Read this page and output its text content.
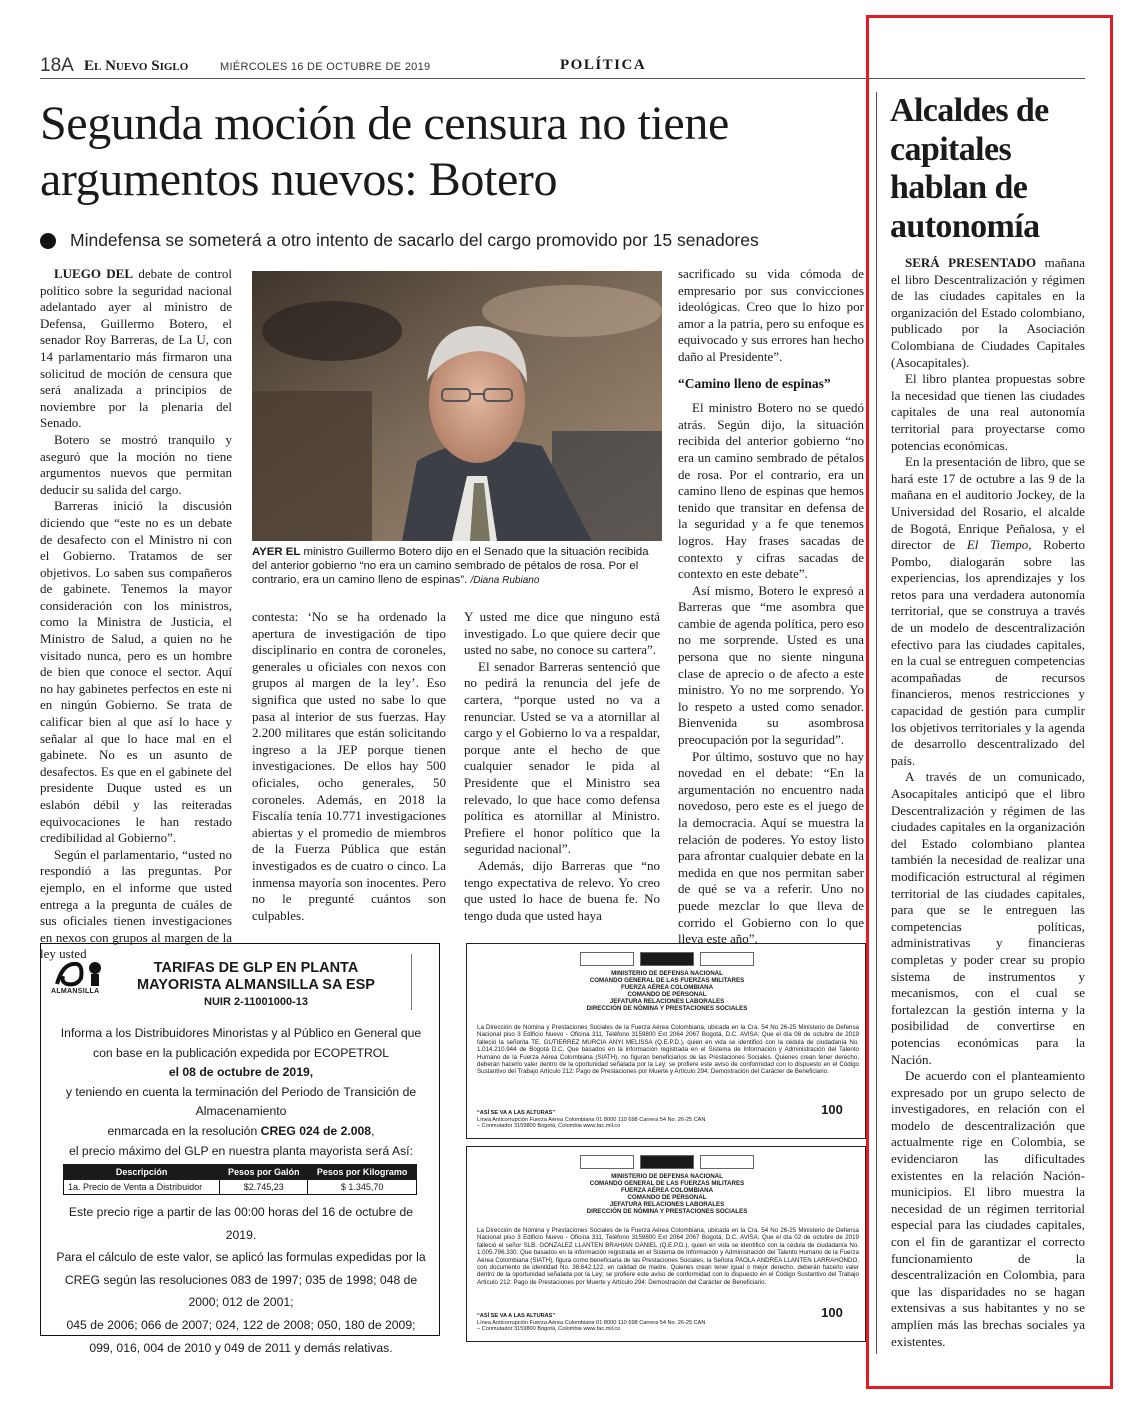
18A El Nuevo Siglo	MIÉRCOLES 16 DE OCTUBRE DE 2019	POLÍTICA
Segunda moción de censura no tiene argumentos nuevos: Botero
Mindefensa se someterá a otro intento de sacarlo del cargo promovido por 15 senadores

LUEGO DEL debate de control político sobre la seguridad nacional adelantado ayer al ministro de Defensa, Guillermo Botero, el senador Roy Barreras, de La U, con 14 parlamentario más firmaron una solicitud de moción de censura que será analizada a principios de noviembre por la plenaria del Senado.

Botero se mostró tranquilo y aseguró que la moción no tiene argumentos nuevos que permitan deducir su salida del cargo.

Barreras inició la discusión diciendo que “este no es un debate de desafecto con el Ministro ni con el Gobierno. Tratamos de ser objetivos. Lo saben sus compañeros de gabinete. Tenemos la mayor consideración con los ministros, como la Ministra de Justicia, el Ministro de Salud, a quien no he visitado nunca, pero es un hombre de bien que conoce el sector. Aquí no hay gabinetes perfectos en este ni en ningún Gobierno. Se trata de calificar bien al que así lo hace y señalar al que lo hace mal en el gabinete. No es un asunto de desafectos. Es que en el gabinete del presidente Duque usted es un eslabón débil y las reiteradas equivocaciones le han restado credibilidad al Gobierno”.

Según el parlamentario, “usted no respondió a las preguntas. Por ejemplo, en el informe que usted entrega a la pregunta de cuáles de sus oficiales tienen investigaciones en nexos con grupos al margen de la ley usted

AYER EL ministro Guillermo Botero dijo en el Senado que la situación recibida del anterior gobierno “no era un camino sembrado de pétalos de rosa. Por el contrario, era un camino lleno de espinas”. /Diana Rubiano

contesta: ‘No se ha ordenado la apertura de investigación de tipo disciplinario en contra de coroneles, generales u oficiales con nexos con grupos al margen de la ley’. Eso significa que usted no sabe lo que pasa al interior de sus fuerzas. Hay 2.200 militares que están solicitando ingreso a la JEP porque tienen investigaciones. De ellos hay 500 oficiales, ocho generales, 50 coroneles. Además, en 2018 la Fiscalía tenía 10.771 investigaciones abiertas y el promedio de miembros de la Fuerza Pública que están investigados es de cuatro o cinco. La inmensa mayoría son inocentes. Pero no le pregunté cuántos son culpables.

Y usted me dice que ninguno está investigado. Lo que quiere decir que usted no sabe, no conoce su cartera”.

El senador Barreras sentenció que no pedirá la renuncia del jefe de cartera, “porque usted no va a renunciar. Usted se va a atornillar al cargo y el Gobierno lo va a respaldar, porque ante el hecho de que cualquier senador le pida al Presidente que el Ministro sea relevado, lo que hace como defensa política es atornillar al Ministro. Prefiere el honor político que la seguridad nacional”.

Además, dijo Barreras que “no tengo expectativa de relevo. Yo creo que usted lo hace de buena fe. No tengo duda que usted haya

sacrificado su vida cómoda de empresario por sus convicciones ideológicas. Creo que lo hizo por amor a la patria, pero su enfoque es equivocado y sus errores han hecho daño al Presidente”.

“Camino lleno de espinas”

El ministro Botero no se quedó atrás. Según dijo, la situación recibida del anterior gobierno “no era un camino sembrado de pétalos de rosa. Por el contrario, era un camino lleno de espinas que hemos tenido que transitar en defensa de la seguridad y a fe que tenemos logros. Hay frases sacadas de contexto y cifras sacadas de contexto en este debate”.

Así mismo, Botero le expresó a Barreras que “me asombra que cambie de agenda política, pero eso no me sorprende. Usted es una persona que no siente ninguna clase de aprecio o de afecto a este ministro. Yo no me sorprendo. Yo lo respeto a usted como senador. Bienvenida su asombrosa preocupación por la seguridad”.

Por último, sostuvo que no hay novedad en el debate: “En la argumentación no encuentro nada novedoso, pero este es el juego de la democracia. Aquí se muestra la relación de poderes. Yo estoy listo para afrontar cualquier debate en la medida en que nos permitan saber de qué se va a referir. Uno no puede mezclar lo que lleva de corrido el Gobierno con lo que lleva este año”.

ALMANSILLA
TARIFAS DE GLP EN PLANTA MAYORISTA ALMANSILLA SA ESP
NUIR 2-11001000-13
Informa a los Distribuidores Minoristas y al Público en General que con base en la publicación expedida por ECOPETROL
el 08 de octubre de 2019,
y teniendo en cuenta la terminación del Periodo de Transición de Almacenamiento
enmarcada en la resolución CREG 024 de 2.008,
el precio máximo del GLP en nuestra planta mayorista será Así:
Descripción	Pesos por Galón	Pesos por Kilogramo
1a. Precio de Venta a Distribuidor	$2.745,23	$ 1.345,70
Este precio rige a partir de las 00:00 horas del 16 de octubre de 2019.
Para el cálculo de este valor, se aplicó las formulas expedidas por la CREG según las resoluciones 083 de 1997; 035 de 1998; 048 de 2000; 012 de 2001;
045 de 2006; 066 de 2007; 024, 122 de 2008; 050, 180 de 2009; 099, 016, 004 de 2010 y 049 de 2011 y demás relativas.
MINISTERIO DE DEFENSA NACIONAL
COMANDO GENERAL DE LAS FUERZAS MILITARES
FUERZA AÉREA COLOMBIANA
COMANDO DE PERSONAL
JEFATURA RELACIONES LABORALES
DIRECCIÓN DE NÓMINA Y PRESTACIONES SOCIALES
La Dirección de Nómina y Prestaciones Sociales de la Fuerza Aérea Colombiana, ubicada en la Cra. 54 No 26-25 Ministerio de Defensa Nacional piso 3 Edificio Nuevo - Oficina 311, Teléfono 3159800 Ext 2064 2067 Bogotá, D.C. AVISA: Que el día 08 de octubre de 2019 falleció la señorita TE. GUTIERREZ MURCIA ANYI MELISSA (Q.E.P.D.), quien en vida se identificó con la cédula de ciudadanía No. 1.014.210.944 de Bogotá D.C. Que basados en la información registrada en el Sistema de Información y Administración del Talento Humano de la Fuerza Aérea Colombiana (SIATH), no figuran beneficiarios de las Prestaciones Sociales. Quienes crean tener derecho, deberán hacerlo valer dentro de la oportunidad señalada por la Ley; se profiere este aviso de conformidad con lo dispuesto en el Código Sustantivo del Trabajo Artículo 212: Pago de Prestaciones por Muerte y Artículo 294: Demostración del Carácter de Beneficiario.
“ASÍ SE VA A LAS ALTURAS”
Línea Anticorrupción Fuerza Aérea Colombiana 01 8000 110 698 Carrera 54 No. 26-25 CAN – Conmutador 3159800 Bogotá, Colombia www.fac.mil.co
100
MINISTERIO DE DEFENSA NACIONAL
COMANDO GENERAL DE LAS FUERZAS MILITARES
FUERZA AÉREA COLOMBIANA
COMANDO DE PERSONAL
JEFATURA RELACIONES LABORALES
DIRECCIÓN DE NÓMINA Y PRESTACIONES SOCIALES
La Dirección de Nómina y Prestaciones Sociales de la Fuerza Aérea Colombiana, ubicada en la Cra. 54 No 26-25 Ministerio de Defensa Nacional piso 3 Edificio Nuevo - Oficina 311, Teléfono 3159800 Ext 2064 2067 Bogotá, D.C. AVISA: Que el día 02 de octubre de 2019 falleció el señor SLB. GONZALEZ LLANTEN BRAHIAN DANIEL (Q.E.P.D.), quien en vida se identificó con la cédula de ciudadanía No. 1.005.796.330. Que basados en la información registrada en el Sistema de Información y Administración del Talento Humano de la Fuerza Aérea Colombiana (SIATH), figura como beneficiaria de las Prestaciones Sociales, la Señora PAOLA ANDREA LLANTEN LARRAHONDO, con documento de identidad No. 38.642.122, en calidad de madre. Quienes crean tener igual o mejor derecho, deberán hacerlo valer dentro de la oportunidad señalada por la Ley; se profiere este aviso de conformidad con lo dispuesto en el Código Sustantivo del Trabajo Artículo 212: Pago de Prestaciones por Muerte y Artículo 294: Demostración del Carácter de Beneficiario.
“ASÍ SE VA A LAS ALTURAS”
Línea Anticorrupción Fuerza Aérea Colombiana 01 8000 110 698 Carrera 54 No. 26-25 CAN – Conmutador 3159800 Bogotá, Colombia www.fac.mil.co
100
Alcaldes de capitales hablan de autonomía

SERÁ PRESENTADO mañana el libro Descentralización y régimen de las ciudades capitales en la organización del Estado colombiano, publicado por la Asociación Colombiana de Ciudades Capitales (Asocapitales).

El libro plantea propuestas sobre la necesidad que tienen las ciudades capitales de una real autonomía territorial para proyectarse como potencias económicas.

En la presentación de libro, que se hará este 17 de octubre a las 9 de la mañana en el auditorio Jockey, de la Universidad del Rosario, el alcalde de Bogotá, Enrique Peñalosa, y el director de El Tiempo, Roberto Pombo, dialogarán sobre las experiencias, los aprendizajes y los retos para una verdadera autonomía territorial, que se construya a través de un modelo de descentralización efectivo para las ciudades capitales, en la cual se entreguen competencias acompañadas de recursos financieros, menos restricciones y capacidad de gestión para cumplir los objetivos territoriales y la agenda de desarrollo descentralizado del país.

A través de un comunicado, Asocapitales anticipó que el libro Descentralización y régimen de las ciudades capitales en la organización del Estado colombiano plantea también la necesidad de realizar una modificación estructural al régimen territorial de las ciudades capitales, para que se le entreguen las competencias políticas, administrativas y financieras completas y poder crear su propio sistema de instrumentos y mecanismos, con el cual se fortalezcan la gestión interna y la posibilidad de convertirse en potencias económicas para la Nación.

De acuerdo con el planteamiento expresado por un grupo selecto de investigadores, en relación con el modelo de descentralización que actualmente rige en Colombia, se evidenciaron las dificultades existentes en la relación Nación-municipios. El libro muestra la necesidad de un régimen territorial especial para las ciudades capitales, con el fin de garantizar el correcto funcionamiento de la descentralización en Colombia, para que las disparidades no se hagan extensivas a sus habitantes y no se amplíen más las brechas sociales ya existentes.
